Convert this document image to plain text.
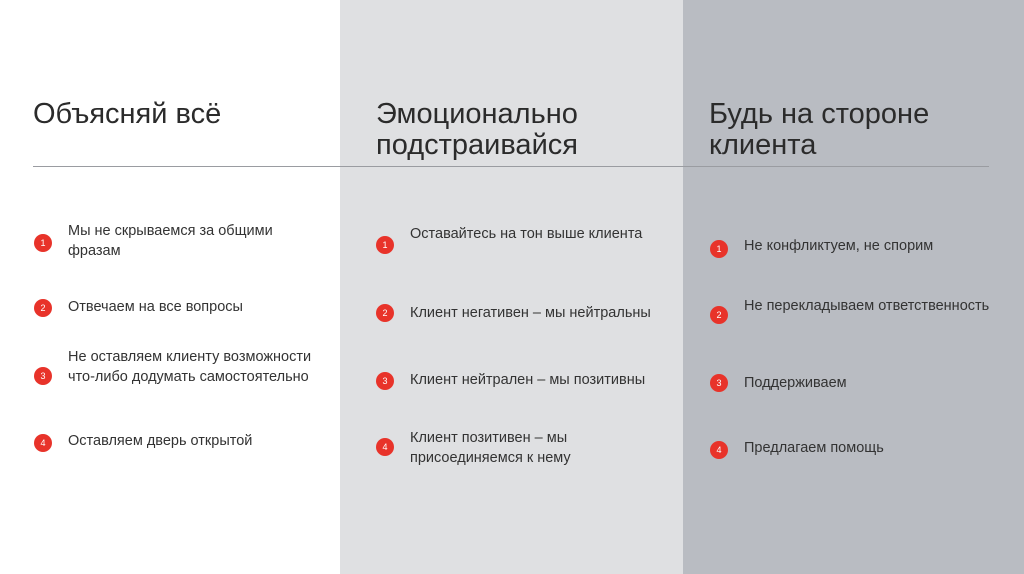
Объясняй всё
1
Мы не скрываемся за общими фразам
2	Отвечаем на все вопросы
3
Не оставляем клиенту возможности что-либо додумать самостоятельно
4	Оставляем дверь открытой
Эмоционально подстраивайся
1
Оставайтесь на тон выше клиента
2	Клиент негативен – мы нейтральны
3	Клиент нейтрален – мы позитивны
4
Клиент позитивен – мы присоединяемся к нему
Будь на стороне клиента
1	Не конфликтуем, не спорим
2
Не перекладываем ответственность
3	Поддерживаем
4	Предлагаем помощь
